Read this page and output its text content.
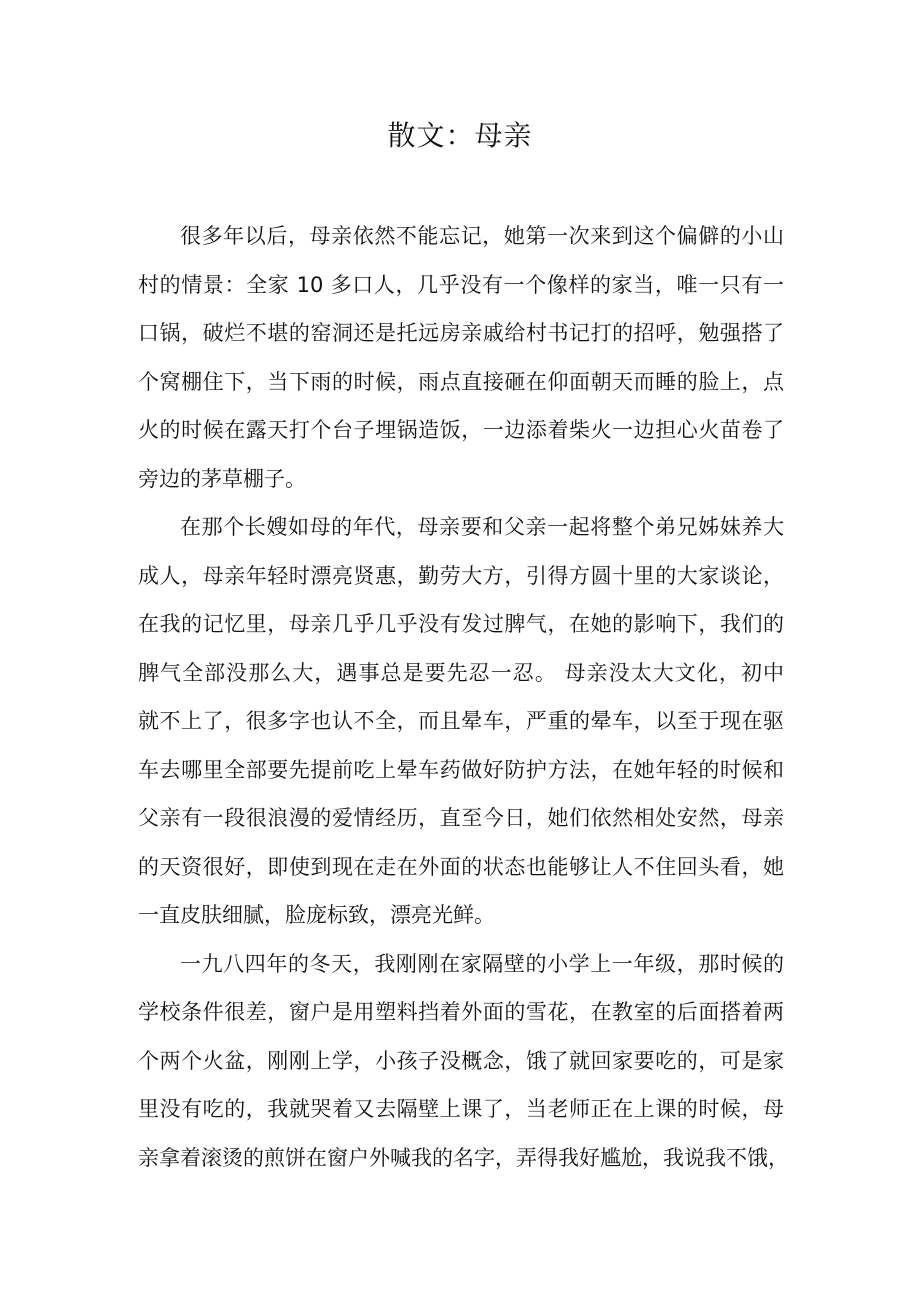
散文：母亲
很多年以后，母亲依然不能忘记，她第一次来到这个偏僻的小山
村的情景：全家 10 多口人，几乎没有一个像样的家当，唯一只有一
口锅，破烂不堪的窑洞还是托远房亲戚给村书记打的招呼，勉强搭了
个窝棚住下，当下雨的时候，雨点直接砸在仰面朝天而睡的脸上，点
火的时候在露天打个台子埋锅造饭，一边添着柴火一边担心火苗卷了
旁边的茅草棚子。
在那个长嫂如母的年代，母亲要和父亲一起将整个弟兄姊妹养大
成人，母亲年轻时漂亮贤惠，勤劳大方，引得方圆十里的大家谈论，
在我的记忆里，母亲几乎几乎没有发过脾气，在她的影响下，我们的
脾气全部没那么大，遇事总是要先忍一忍。 母亲没太大文化，初中
就不上了，很多字也认不全，而且晕车，严重的晕车，以至于现在驱
车去哪里全部要先提前吃上晕车药做好防护方法，在她年轻的时候和
父亲有一段很浪漫的爱情经历，直至今日，她们依然相处安然，母亲
的天资很好，即使到现在走在外面的状态也能够让人不住回头看，她
一直皮肤细腻，脸庞标致，漂亮光鲜。
一九八四年的冬天，我刚刚在家隔壁的小学上一年级，那时候的
学校条件很差，窗户是用塑料挡着外面的雪花，在教室的后面搭着两
个两个火盆，刚刚上学，小孩子没概念，饿了就回家要吃的，可是家
里没有吃的，我就哭着又去隔壁上课了，当老师正在上课的时候，母
亲拿着滚烫的煎饼在窗户外喊我的名字，弄得我好尴尬，我说我不饿，
